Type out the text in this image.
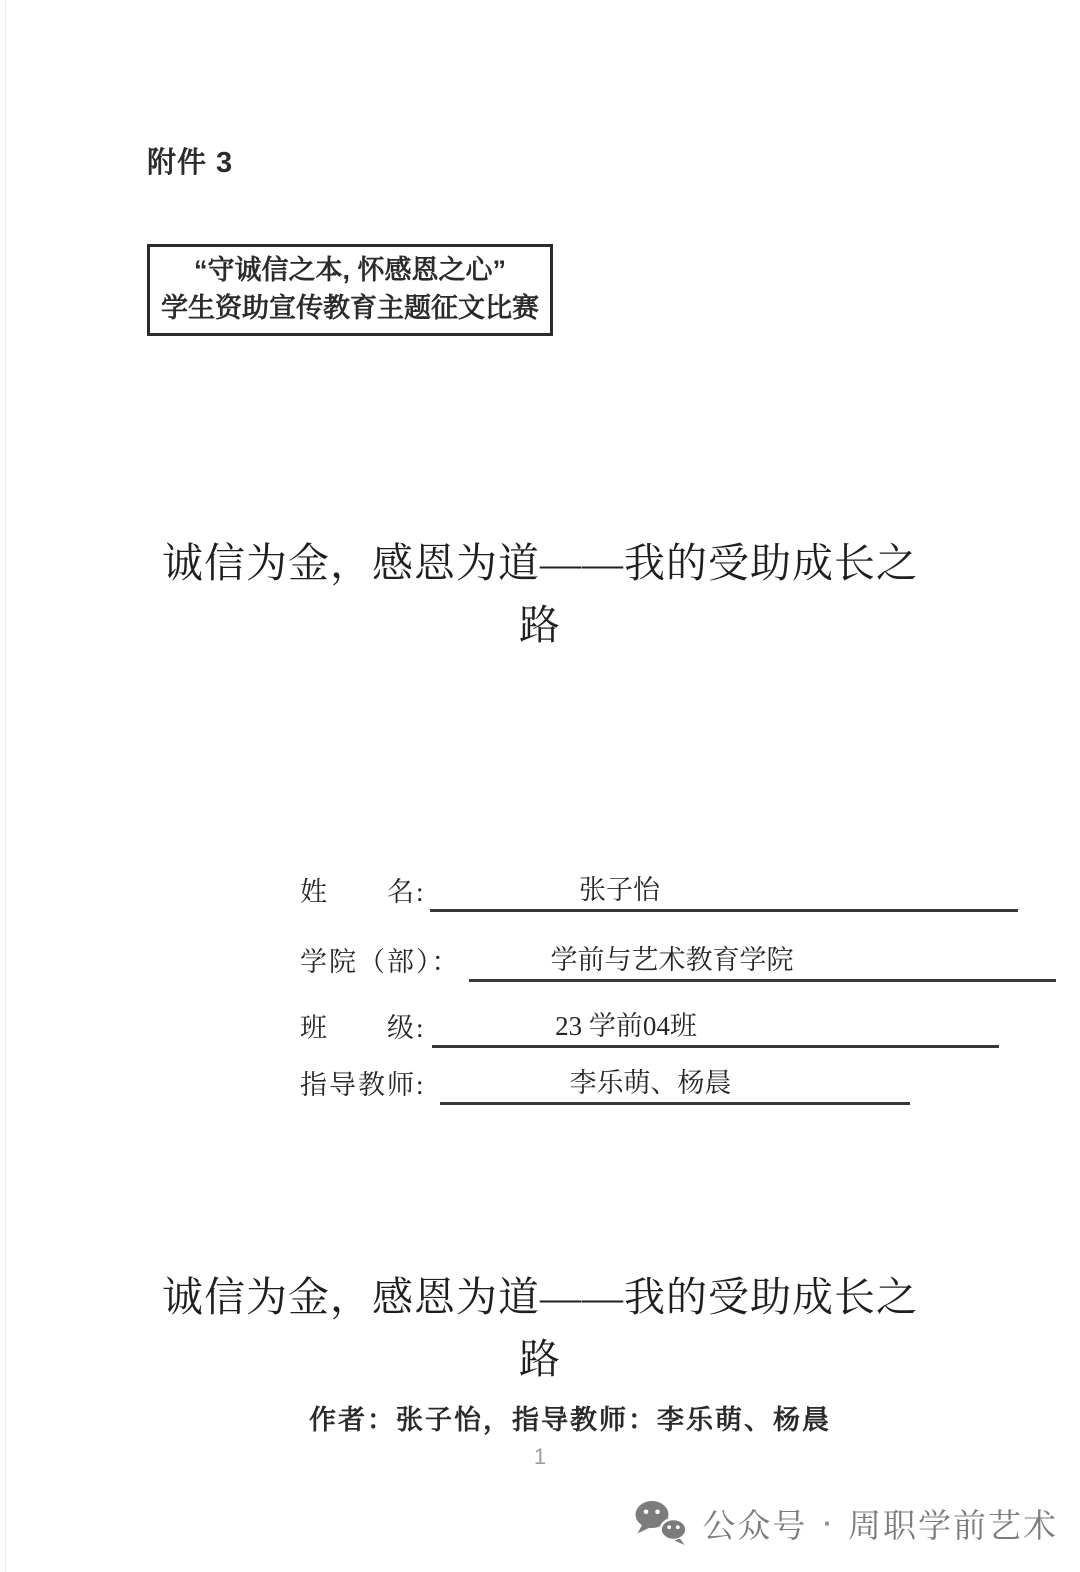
附件 3
“守诚信之本, 怀感恩之心”
学生资助宣传教育主题征文比赛
诚信为金，感恩为道——我的受助成长之
路
姓　　名:	张子怡
学院（部）：	学前与艺术教育学院
班　　级:	23 学前04班
指导教师:	李乐萌、杨晨
诚信为金，感恩为道——我的受助成长之
路
作者：张子怡，指导教师：李乐萌、杨晨
1
公众号 · 周职学前艺术
